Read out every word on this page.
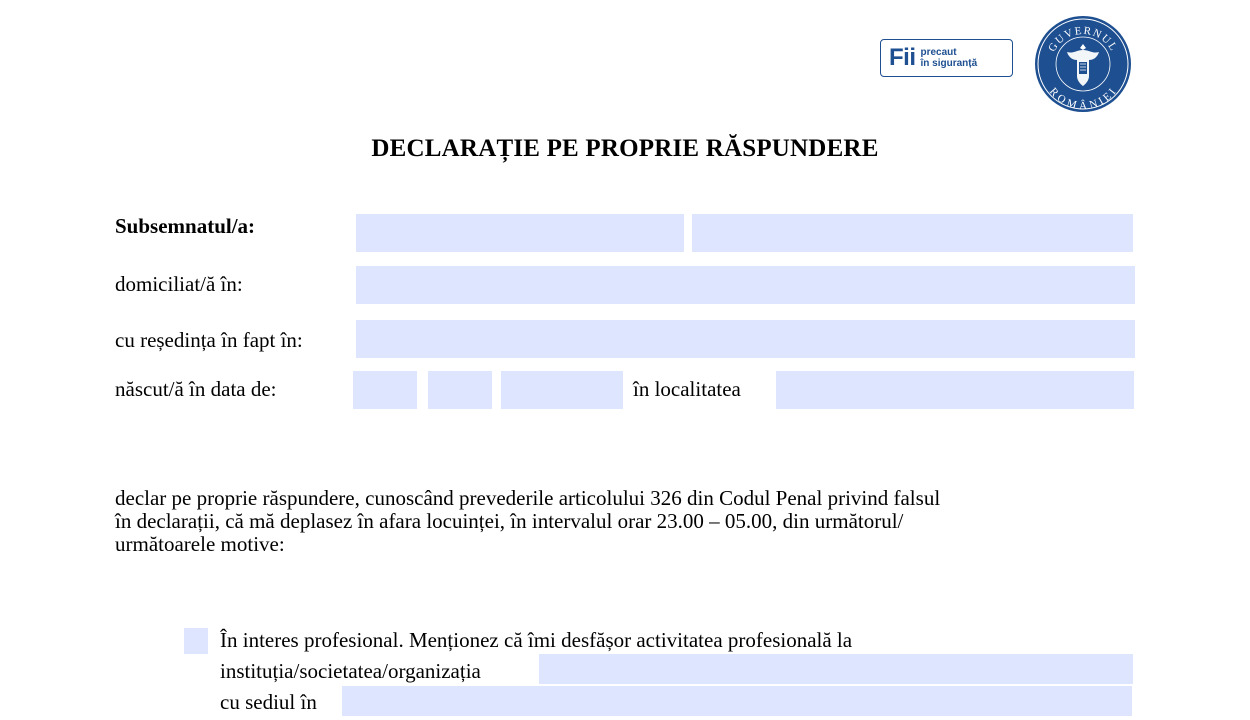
Fii precaut
în siguranță
GUVERNUL
ROMÂNIEI
DECLARAȚIE PE PROPRIE RĂSPUNDERE
Subsemnatul/a:
domiciliat/ă în:
cu reședința în fapt în:
născut/ă în data de:	în localitatea
declar pe proprie răspundere, cunoscând prevederile articolului 326 din Codul Penal privind falsul
în declarații, că mă deplasez în afara locuinței, în intervalul orar 23.00 – 05.00, din următorul/
următoarele motive:
În interes profesional. Menționez că îmi desfășor activitatea profesională la
instituția/societatea/organizația
cu sediul în
